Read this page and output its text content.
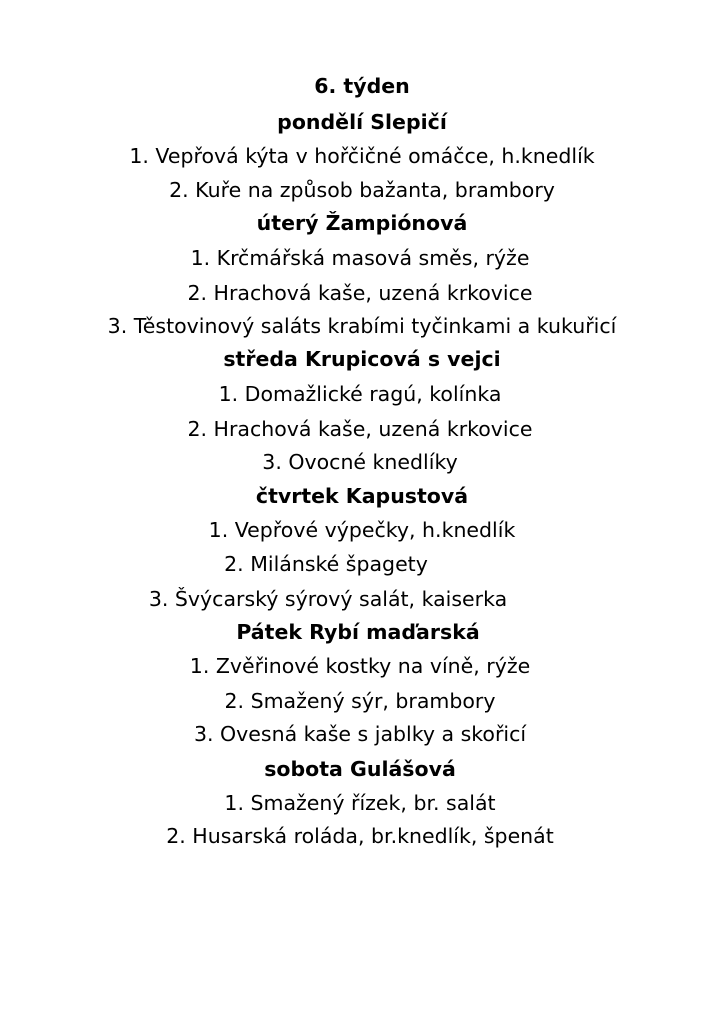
6. týden
pondělí Slepičí
1. Vepřová kýta v hořčičné omáčce, h.knedlík
2. Kuře na způsob bažanta, brambory
úterý Žampiónová
1. Krčmářská masová směs, rýže
2. Hrachová kaše, uzená krkovice
3. Těstovinový saláts krabími tyčinkami a kukuřicí
středa Krupicová s vejci
1. Domažlické ragú, kolínka
2. Hrachová kaše, uzená krkovice
3. Ovocné knedlíky
čtvrtek Kapustová
1. Vepřové výpečky, h.knedlík
2. Milánské špagety
3. Švýcarský sýrový salát, kaiserka
Pátek Rybí maďarská
1. Zvěřinové kostky na víně, rýže
2. Smažený sýr, brambory
3. Ovesná kaše s jablky a skořicí
sobota Gulášová
1. Smažený řízek, br. salát
2. Husarská roláda, br.knedlík, špenát
